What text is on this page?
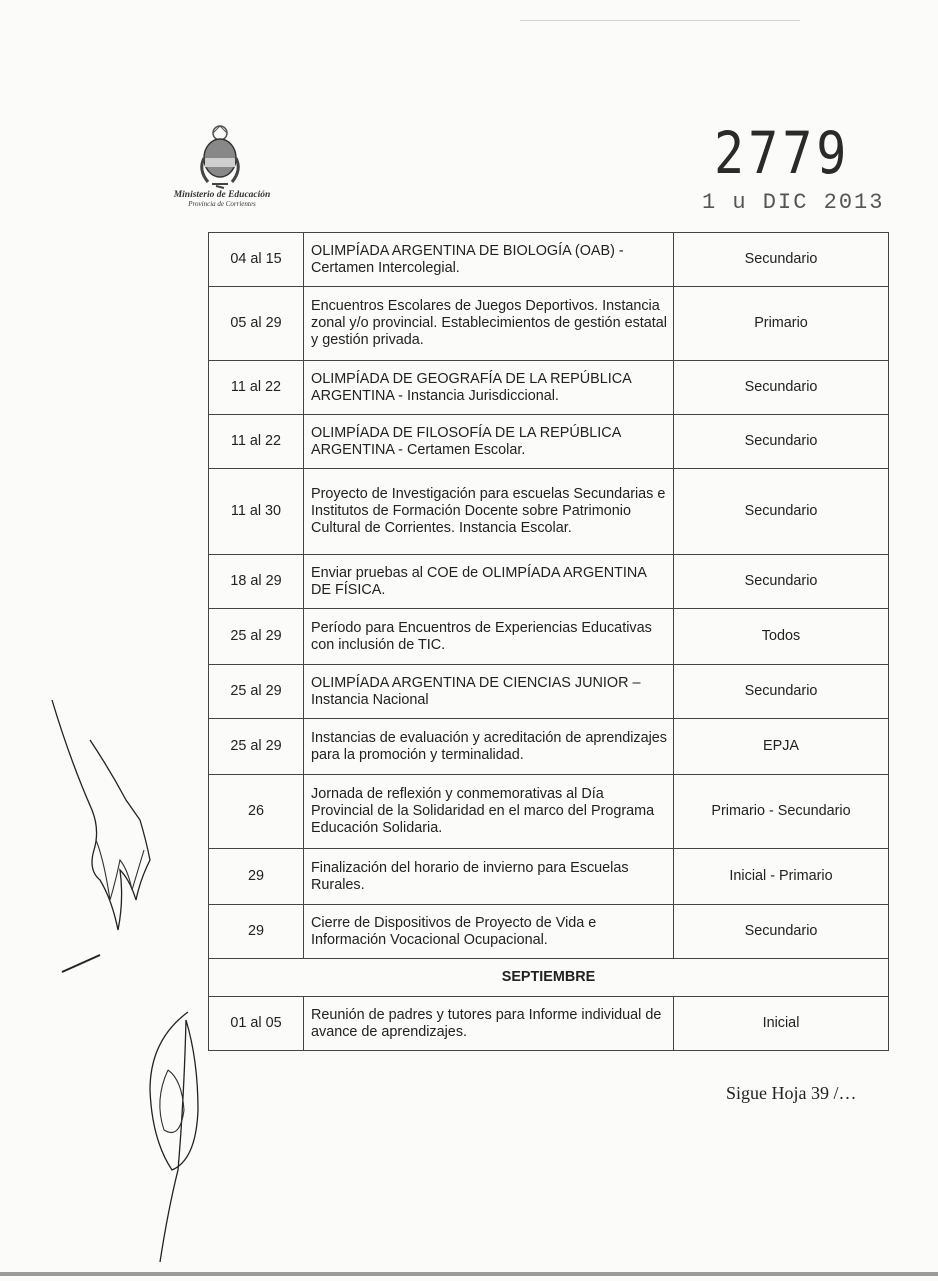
Ministerio de Educación
Provincia de Corrientes
2779
1 u DIC 2013
04 al 15	OLIMPÍADA ARGENTINA DE BIOLOGÍA (OAB) - Certamen Intercolegial.	Secundario
05 al 29	Encuentros Escolares de Juegos Deportivos. Instancia zonal y/o provincial. Establecimientos de gestión estatal y gestión privada.	Primario
11 al 22	OLIMPÍADA DE GEOGRAFÍA DE LA REPÚBLICA ARGENTINA - Instancia Jurisdiccional.	Secundario
11 al 22	OLIMPÍADA DE FILOSOFÍA DE LA REPÚBLICA ARGENTINA - Certamen Escolar.	Secundario
11 al 30	Proyecto de Investigación para escuelas Secundarias e Institutos de Formación Docente sobre Patrimonio Cultural de Corrientes. Instancia Escolar.	Secundario
18 al 29	Enviar pruebas al COE de OLIMPÍADA ARGENTINA DE FÍSICA.	Secundario
25 al 29	Período para Encuentros de Experiencias Educativas con inclusión de TIC.	Todos
25 al 29	OLIMPÍADA ARGENTINA DE CIENCIAS JUNIOR – Instancia Nacional	Secundario
25 al 29	Instancias de evaluación y acreditación de aprendizajes para la promoción y terminalidad.	EPJA
26	Jornada de reflexión y conmemorativas al Día Provincial de la Solidaridad en el marco del Programa Educación Solidaria.	Primario - Secundario
29	Finalización del horario de invierno para Escuelas Rurales.	Inicial - Primario
29	Cierre de Dispositivos de Proyecto de Vida e Información Vocacional Ocupacional.	Secundario
SEPTIEMBRE		
01 al 05	Reunión de padres y tutores para Informe individual de avance de aprendizajes.	Inicial
Sigue Hoja 39 /…
